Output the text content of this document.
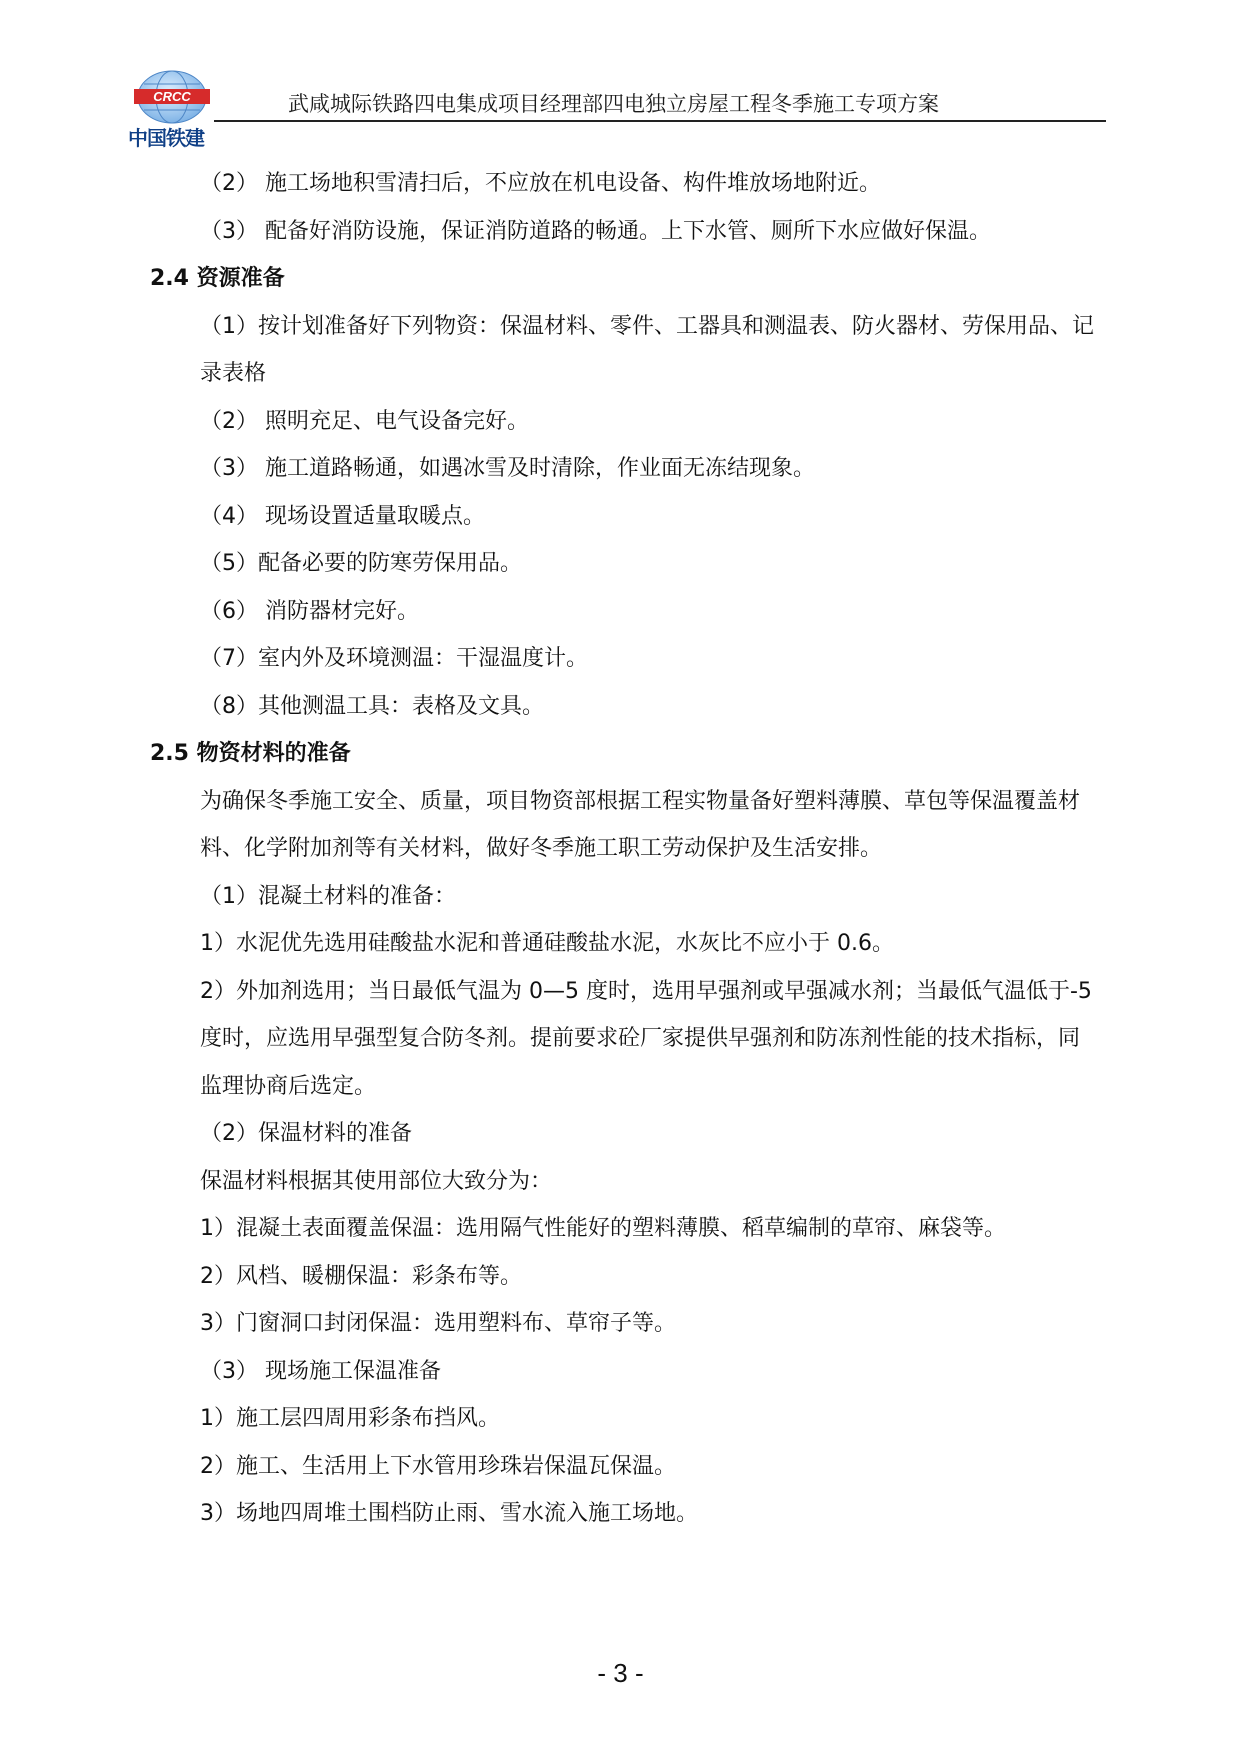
CRCC
中国铁建
武咸城际铁路四电集成项目经理部四电独立房屋工程冬季施工专项方案

（2） 施工场地积雪清扫后，不应放在机电设备、构件堆放场地附近。

（3） 配备好消防设施，保证消防道路的畅通。上下水管、厕所下水应做好保温。

2.4 资源准备

（1）按计划准备好下列物资：保温材料、零件、工器具和测温表、防火器材、劳保用品、记录表格

（2） 照明充足、电气设备完好。

（3） 施工道路畅通，如遇冰雪及时清除，作业面无冻结现象。

（4） 现场设置适量取暖点。

（5）配备必要的防寒劳保用品。

（6） 消防器材完好。

（7）室内外及环境测温：干湿温度计。

（8）其他测温工具：表格及文具。

2.5 物资材料的准备

为确保冬季施工安全、质量，项目物资部根据工程实物量备好塑料薄膜、草包等保温覆盖材料、化学附加剂等有关材料，做好冬季施工职工劳动保护及生活安排。

（1）混凝土材料的准备：

1）水泥优先选用硅酸盐水泥和普通硅酸盐水泥，水灰比不应小于 0.6。

2）外加剂选用；当日最低气温为 0—5 度时，选用早强剂或早强减水剂；当最低气温低于-5 度时，应选用早强型复合防冬剂。提前要求砼厂家提供早强剂和防冻剂性能的技术指标，同监理协商后选定。

（2）保温材料的准备

保温材料根据其使用部位大致分为：

1）混凝土表面覆盖保温：选用隔气性能好的塑料薄膜、稻草编制的草帘、麻袋等。

2）风档、暖棚保温：彩条布等。

3）门窗洞口封闭保温：选用塑料布、草帘子等。

（3） 现场施工保温准备

1）施工层四周用彩条布挡风。

2）施工、生活用上下水管用珍珠岩保温瓦保温。

3）场地四周堆土围档防止雨、雪水流入施工场地。

- 3 -
